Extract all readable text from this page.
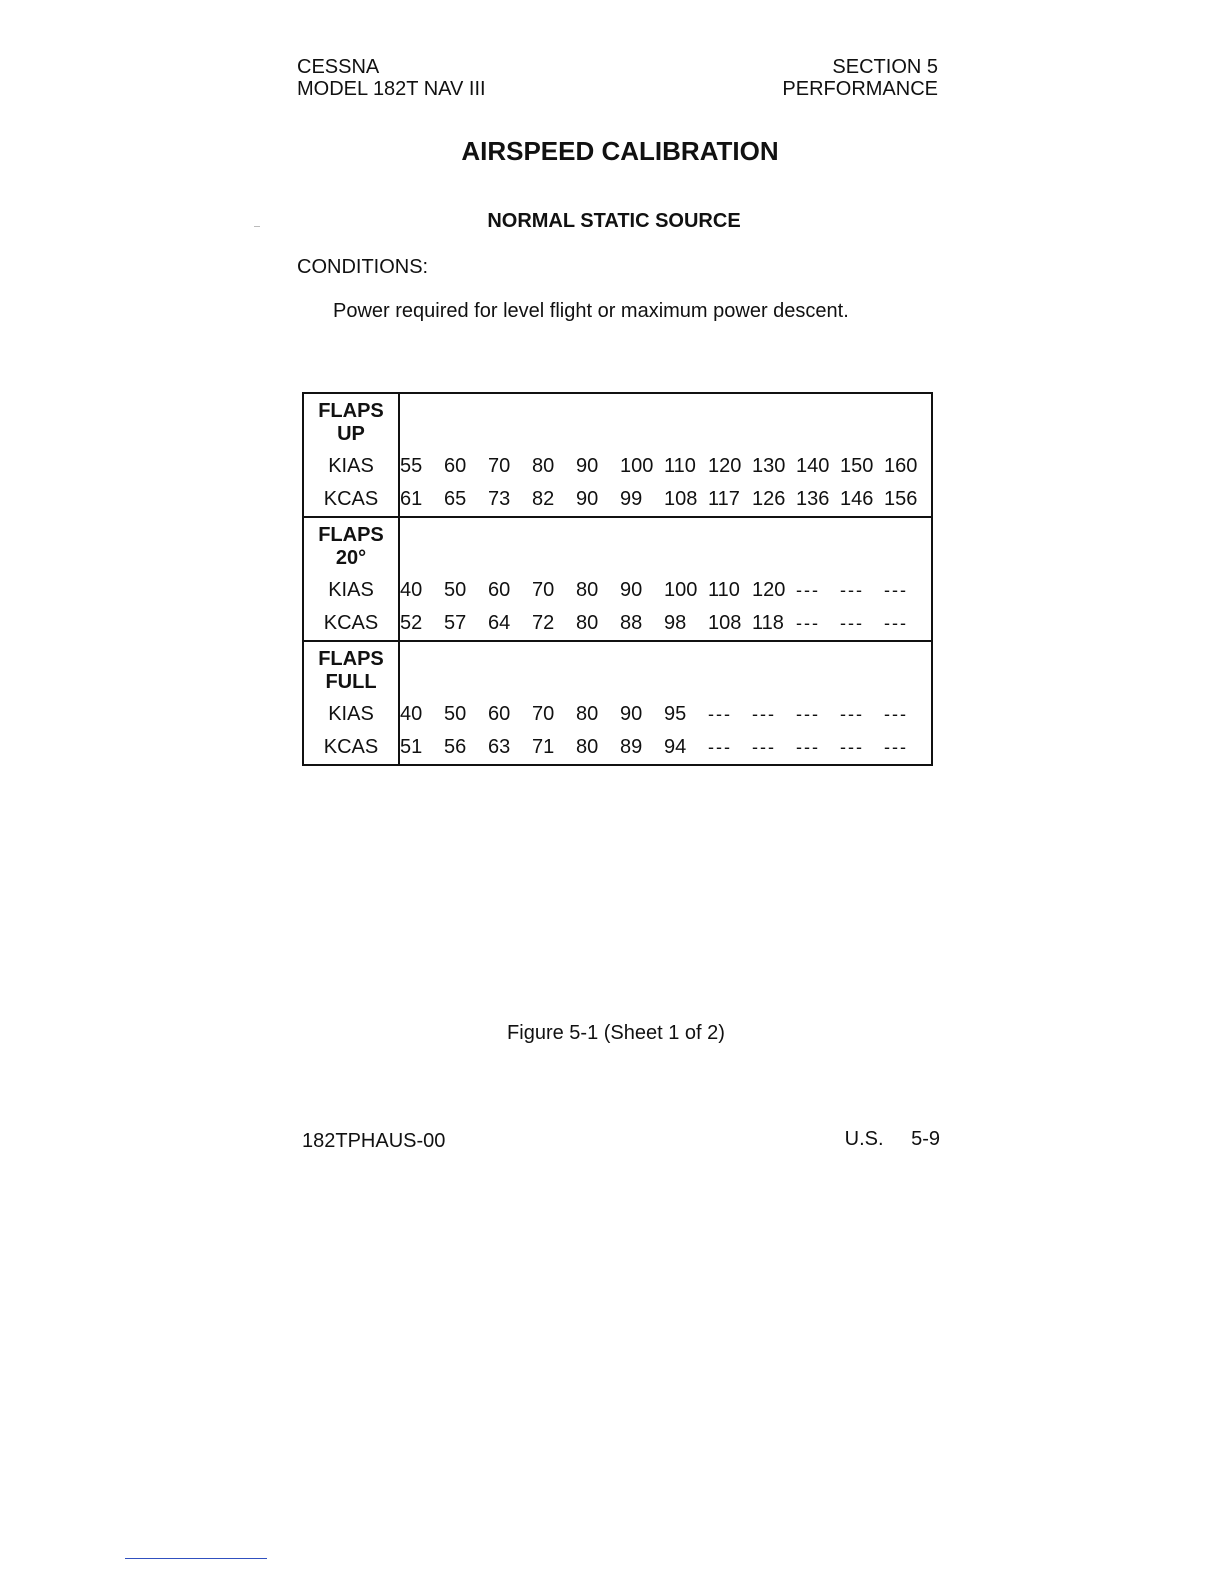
CESSNA
MODEL 182T NAV III
SECTION 5
PERFORMANCE
AIRSPEED CALIBRATION
NORMAL STATIC SOURCE
CONDITIONS:
Power required for level flight or maximum power descent.
FLAPS
UP
KIAS
KCAS
55 60 70 80 90 100 110 120 130 140 150 160
61 65 73 82 90 99 108 117 126 136 146 156
FLAPS
20°
KIAS
KCAS
40 50 60 70 80 90 100 110 120 --- --- ---
52 57 64 72 80 88 98 108 118 --- --- ---
FLAPS
FULL
KIAS
KCAS
40 50 60 70 80 90 95 --- --- --- --- ---
51 56 63 71 80 89 94 --- --- --- --- ---
Figure 5-1 (Sheet 1 of 2)
182TPHAUS-00	U.S. 5-9
